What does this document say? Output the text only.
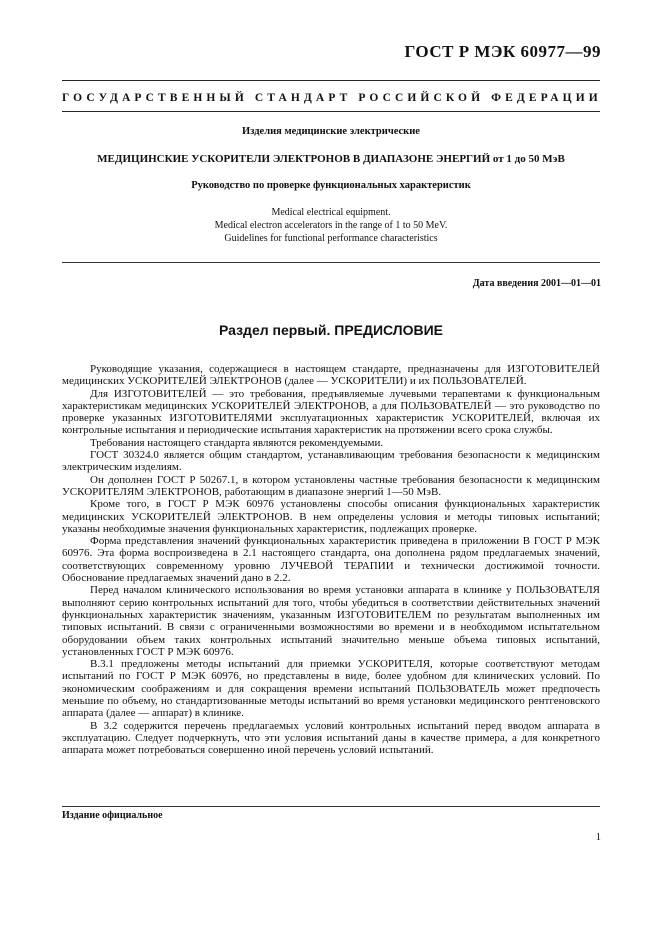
ГОСТ Р МЭК 60977—99
ГОСУДАРСТВЕННЫЙ СТАНДАРТ РОССИЙСКОЙ ФЕДЕРАЦИИ
Изделия медицинские электрические
МЕДИЦИНСКИЕ УСКОРИТЕЛИ ЭЛЕКТРОНОВ В ДИАПАЗОНЕ ЭНЕРГИЙ от 1 до 50 МэВ
Руководство по проверке функциональных характеристик
Medical electrical equipment.
Medical electron accelerators in the range of 1 to 50 MeV.
Guidelines for functional performance characteristics
Дата введения 2001—01—01
Раздел первый. ПРЕДИСЛОВИЕ

Руководящие указания, содержащиеся в настоящем стандарте, предназначены для ИЗГОТОВИТЕЛЕЙ медицинских УСКОРИТЕЛЕЙ ЭЛЕКТРОНОВ (далее — УСКОРИТЕЛИ) и их ПОЛЬЗОВАТЕЛЕЙ.

Для ИЗГОТОВИТЕЛЕЙ — это требования, предъявляемые лучевыми терапевтами к функциональным характеристикам медицинских УСКОРИТЕЛЕЙ ЭЛЕКТРОНОВ, а для ПОЛЬЗОВАТЕЛЕЙ — это руководство по проверке указанных ИЗГОТОВИТЕЛЯМИ эксплуатационных характеристик УСКОРИТЕЛЕЙ, включая их контрольные испытания и периодические испытания характеристик на протяжении всего срока службы.

Требования настоящего стандарта являются рекомендуемыми.

ГОСТ 30324.0 является общим стандартом, устанавливающим требования безопасности к медицинским электрическим изделиям.

Он дополнен ГОСТ Р 50267.1, в котором установлены частные требования безопасности к медицинским УСКОРИТЕЛЯМ ЭЛЕКТРОНОВ, работающим в диапазоне энергий 1—50 МэВ.

Кроме того, в ГОСТ Р МЭК 60976 установлены способы описания функциональных характеристик медицинских УСКОРИТЕЛЕЙ ЭЛЕКТРОНОВ. В нем определены условия и методы типовых испытаний; указаны необходимые значения функциональных характеристик, подлежащих проверке.

Форма представления значений функциональных характеристик приведена в приложении В ГОСТ Р МЭК 60976. Эта форма воспроизведена в 2.1 настоящего стандарта, она дополнена рядом предлагаемых значений, соответствующих современному уровню ЛУЧЕВОЙ ТЕРАПИИ и технически достижимой точности. Обоснование предлагаемых значений дано в 2.2.

Перед началом клинического использования во время установки аппарата в клинике у ПОЛЬЗОВАТЕЛЯ выполняют серию контрольных испытаний для того, чтобы убедиться в соответствии действительных значений функциональных характеристик значениям, указанным ИЗГОТОВИТЕЛЕМ по результатам выполненных им типовых испытаний. В связи с ограниченными возможностями во времени и в необходимом испытательном оборудовании объем таких контрольных испытаний значительно меньше объема типовых испытаний, установленных ГОСТ Р МЭК 60976.

В.3.1 предложены методы испытаний для приемки УСКОРИТЕЛЯ, которые соответствуют методам испытаний по ГОСТ Р МЭК 60976, но представлены в виде, более удобном для клинических условий. По экономическим соображениям и для сокращения времени испытаний ПОЛЬЗОВАТЕЛЬ может предпочесть меньшие по объему, но стандартизованные методы испытаний во время установки медицинского рентгеновского аппарата (далее — аппарат) в клинике.

В 3.2 содержится перечень предлагаемых условий контрольных испытаний перед вводом аппарата в эксплуатацию. Следует подчеркнуть, что эти условия испытаний даны в качестве примера, а для конкретного аппарата может потребоваться совершенно иной перечень условий испытаний.

Издание официальное
1
